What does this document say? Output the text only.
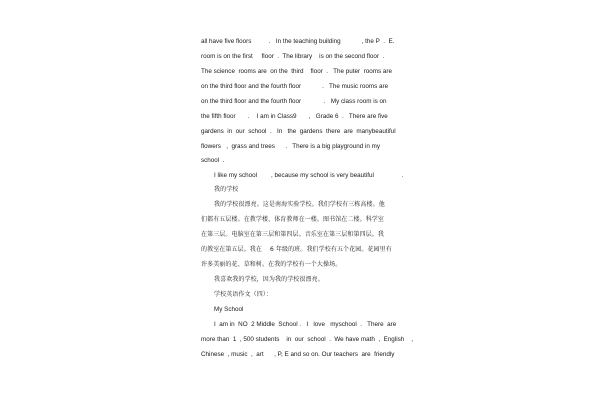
all have five floors          .   In the teaching building            , the P  .  E.
room is on the first     floor  .  The library    is on the second floor  .
The science  rooms are  on the  third    floor  .   The puter  rooms are
on the third floor and the fourth floor            .   The music rooms are
on the third floor and the fourth floor             .   My class room is on
the fifth floor       .    I am in Class9       ,   Grade 6  .   There are five
gardens  in  our  school  .   In   the  gardens  there  are  manybeautiful
flowers   ,  grass and trees      .   There is a big playground in my
school  .
I like my school        , because my school is very beautiful                .
我的学校
我的学校很漂亮。这是南海实验学校。我们学校有三栋高楼。他
们都有五层楼。在教学楼，体育教师在一楼。图书馆在二楼。科学室
在第三层。电脑室在第三层和第四层。音乐室在第三层和第四层。我
的教室在第五层。我在    6 年级的班。我们学校有五个花园。花园里有
许多美丽的花、草和树。在我的学校有一个大操场。
我喜欢我的学校，因为我的学校很漂亮。
学校英语作文（四）：
My School
I  am in  NO  2 Middle  School .   I   love   myschool  .   There  are
more than  1  , 500 students    in  our  school  .  We have math  ,  English    ,
Chinese  , music  ,  art      , P, E and so on. Our teachers  are  friendly
